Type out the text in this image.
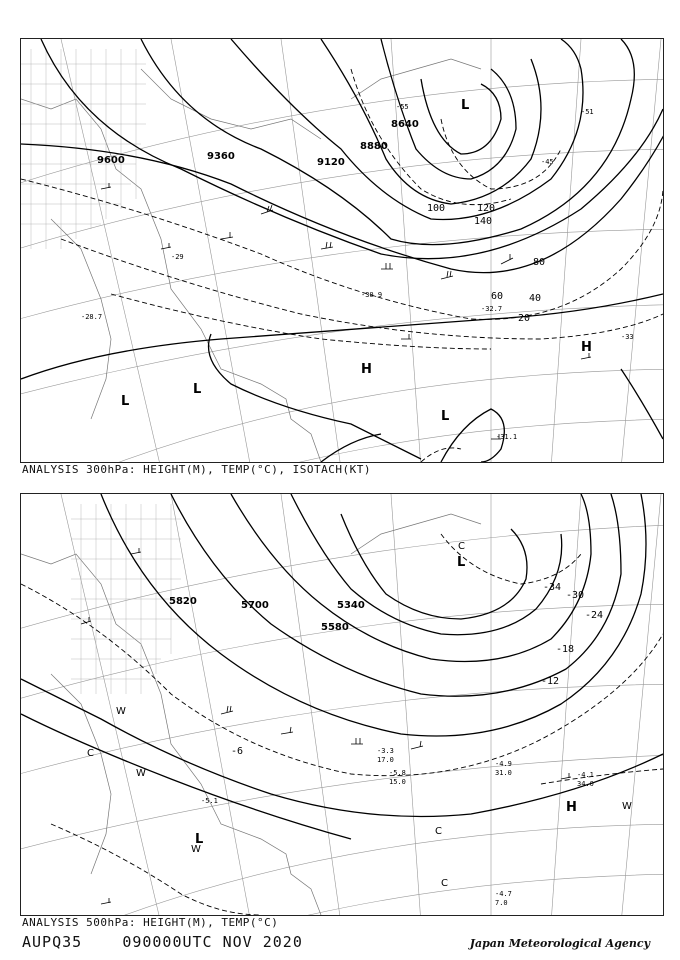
9600	9360
9120
8880
8640
20
40
60
80
100	120
140
L
L
H
L
H
L
-33
-45
-55
-51
-29
-31.1
-28.7
-30.9
-32.7
ANALYSIS 300hPa: HEIGHT(M), TEMP(°C), ISOTACH(KT)
5820	5700
5580
5340
-30
-34
-24
-18
-12
-6
L
H
L
W
W
W
W
C
C
C
C
-5.1
-4.9
-3.3
-5.8	-4.1
-4.7
31.0
34.0
17.0
15.0
7.0
ANALYSIS 500hPa: HEIGHT(M), TEMP(°C)
AUPQ35	090000UTC NOV 2020	Japan Meteorological Agency
